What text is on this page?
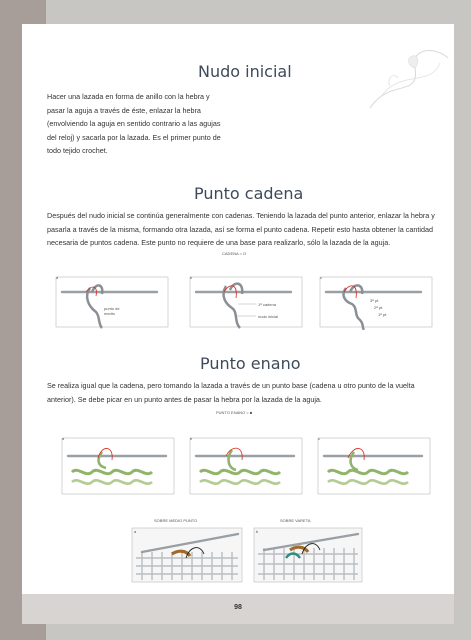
Nudo inicial

Hacer una lazada en forma de anillo con la hebra y pasar la aguja a través de éste, enlazar la hebra (envolviendo la aguja en sentido contrario a las agujas del reloj) y sacarla por la lazada. Es el primer punto de todo tejido crochet.

Punto cadena

Después del nudo inicial se continúa generalmente con cadenas. Teniendo la lazada del punto anterior, enlazar la hebra y pasarla a través de la misma, formando otra lazada, así se forma el punto cadena. Repetir esto hasta obtener la cantidad necesaria de puntos cadena. Este punto no requiere de una base para realizarlo, sólo la lazada de la aguja.

CADENA = O
a
punto de medio
b
1ª cadena
nudo inicial
c
3ª pt.
2ª pt.
1ª pt.
Punto enano

Se realiza igual que la cadena, pero tomando la lazada a través de un punto base (cadena u otro punto de la vuelta anterior). Se debe picar en un punto antes de pasar la hebra por la lazada de la aguja.

PUNTO ENANO = ■
a	b	c
SOBRE MEDIO PUNTO
a
SOBRE VARETA
b
98
